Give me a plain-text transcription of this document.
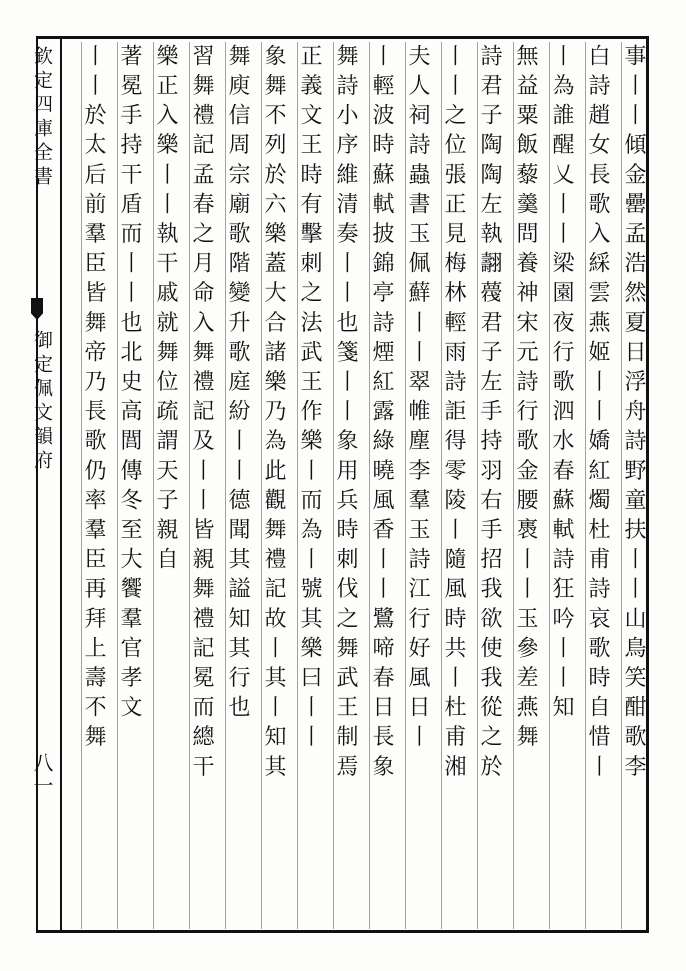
欽定四庫全書
御定佩文韻府
八一	事丨丨傾金罍孟浩然夏日浮舟詩野童扶丨丨山鳥笑酣歌李
白詩趙女長歌入綵雲燕姬丨丨嬌紅燭杜甫詩哀歌時自惜丨
丨為誰醒乂丨丨梁園夜行歌泗水春蘇軾詩狂吟丨丨知
無益粟飯藜羹問養神宋元詩行歌金腰褭丨丨玉參差燕舞
詩君子陶陶左執翿薎君子左手持羽右手招我欲使我從之於
丨丨之位張正見梅林輕雨詩詎得零陵丨隨風時共丨杜甫湘
夫人祠詩蟲書玉佩蘚丨丨翠帷塵李羣玉詩江行好風日丨
丨輕波時蘇軾披錦亭詩煙紅露綠曉風香丨丨鷺啼春日長象
舞詩小序維清奏丨丨也箋丨丨象用兵時刺伐之舞武王制焉
正義文王時有擊刺之法武王作樂丨而為丨號其樂曰丨丨
象舞不列於六樂蓋大合諸樂乃為此觀舞禮記故丨其丨知其
舞庾信周宗廟歌階變升歌庭紛丨丨德聞其謚知其行也
習舞禮記孟春之月命入舞禮記及丨丨皆親舞禮記冕而總干
樂正入樂丨丨執干戚就舞位疏謂天子親自
著冕手持干盾而丨丨也北史高閭傳冬至大饗羣官孝文
丨丨於太后前羣臣皆舞帝乃長歌仍率羣臣再拜上壽不舞
